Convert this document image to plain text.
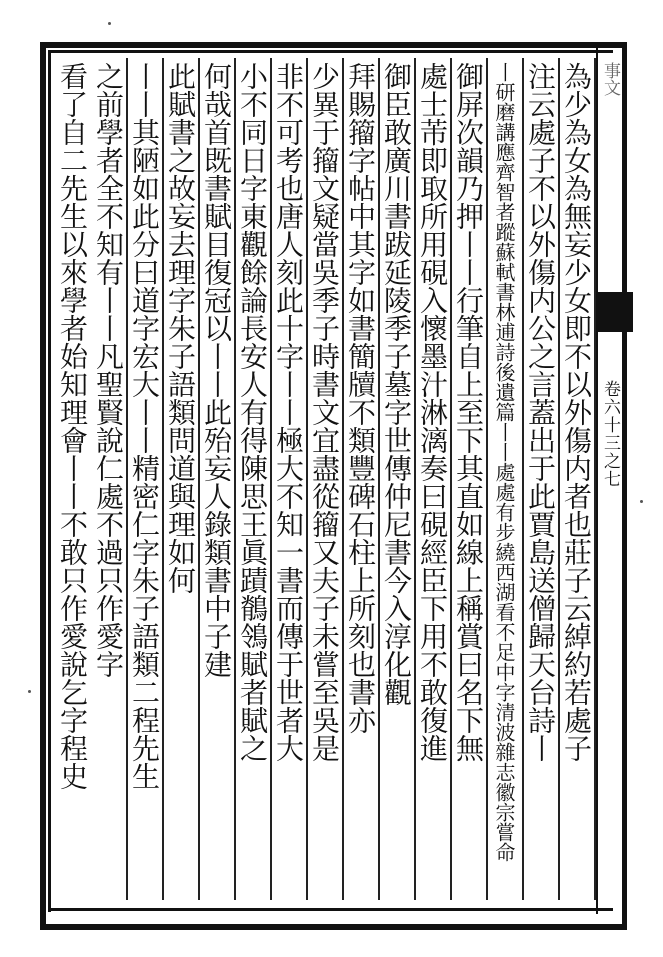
事文
卷六十三之七
為少為女為無妄少女即不以外傷内者也莊子云綽約若處子
注云處子不以外傷内公之言蓋出于此賈島送僧歸天台詩丨
丨研磨講應齊智者蹤蘇軾書林逋詩後遺篇丨丨處處有步繞西湖看不足中字清波雜志徽宗嘗命
御屏次韻乃押丨丨行筆自上至下其直如線上稱賞曰名下無
處士芾即取所用硯入懷墨汁淋漓奏曰硯經臣下用不敢復進
御臣敢廣川書跋延陵季子墓字世傳仲尼書今入淳化觀
拜賜籀字帖中其字如書簡牘不類豐碑石柱上所刻也書亦
少異于籀文疑當吳季子時書文宜盡從籀又夫子未嘗至吳是
非不可考也唐人刻此十字丨丨極大不知一書而傳于世者大
小不同日字東觀餘論長安人有得陳思王眞蹟鶺鴒賦者賦之
何哉首既書賦目復冠以丨丨此殆妄人錄類書中子建
此賦書之故妄去理字朱子語類問道與理如何
丨丨其陋如此分曰道字宏大丨丨精密仁字朱子語類二程先生
之前學者全不知有丨丨凡聖賢說仁處不過只作愛字
看了自二先生以來學者始知理會丨丨不敢只作愛說乞字程史
